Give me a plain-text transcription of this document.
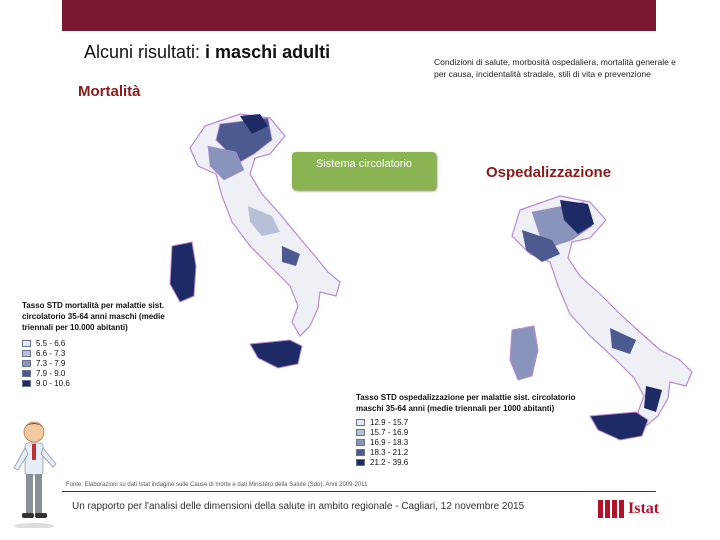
Alcuni risultati: i maschi adulti	Condizioni di salute, morbosità ospedaliera, mortalità generale e per causa, incidentalità stradale, stili di vita e prevenzione
Mortalità
Ospedalizzazione
Sistema circolatorio
Tasso STD mortalità per malattie sist. circolatorio 35-64 anni maschi (medie triennali per 10.000 abitanti)
5.5 - 6.6
6.6 - 7.3
7.3 - 7.9
7.9 - 9.0
9.0 - 10.6
Tasso STD ospedalizzazione per malattie sist. circolatorio maschi 35-64 anni (medie triennali per 1000 abitanti)
12.9 - 15.7
15.7 - 16.9
16.9 - 18.3
18.3 - 21.2
21.2 - 39.6
Fonte: Elaborazioni su dati Istat indagine sulle Cause di morte e dati Ministero della Salute (Sdo). Anni 2009-2011
Un rapporto per l'analisi delle dimensioni della salute in ambito regionale - Cagliari, 12 novembre 2015	Istat
